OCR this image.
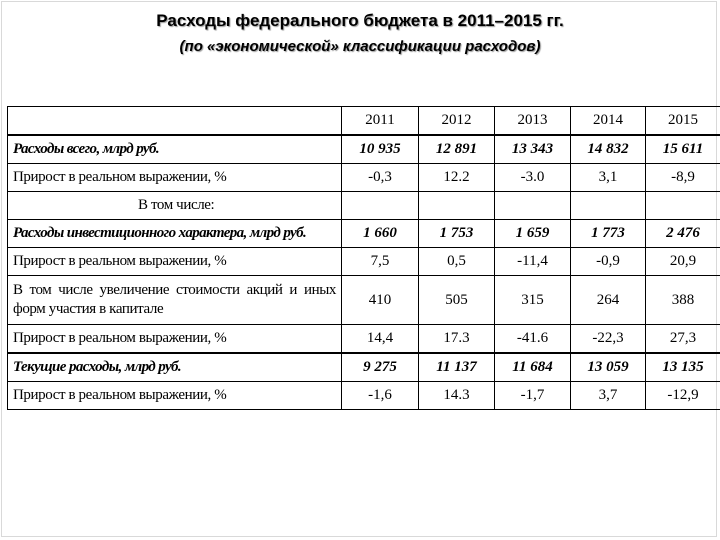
Расходы федерального бюджета в 2011–2015 гг.
(по «экономической» классификации расходов)
	2011	2012	2013	2014	2015
Расходы всего, млрд руб.	10 935	12 891	13 343	14 832	15 611
Прирост в реальном выражении, %	-0,3	12.2	-3.0	3,1	-8,9
В том числе:					
Расходы инвестиционного характера, млрд руб.	1 660	1 753	1 659	1 773	2 476
Прирост в реальном выражении, %	7,5	0,5	-11,4	-0,9	20,9
В том числе увеличение стоимости акций и иных форм участия в капитале	410	505	315	264	388
Прирост в реальном выражении, %	14,4	17.3	-41.6	-22,3	27,3
Текущие расходы, млрд руб.	9 275	11 137	11 684	13 059	13 135
Прирост в реальном выражении, %	-1,6	14.3	-1,7	3,7	-12,9
